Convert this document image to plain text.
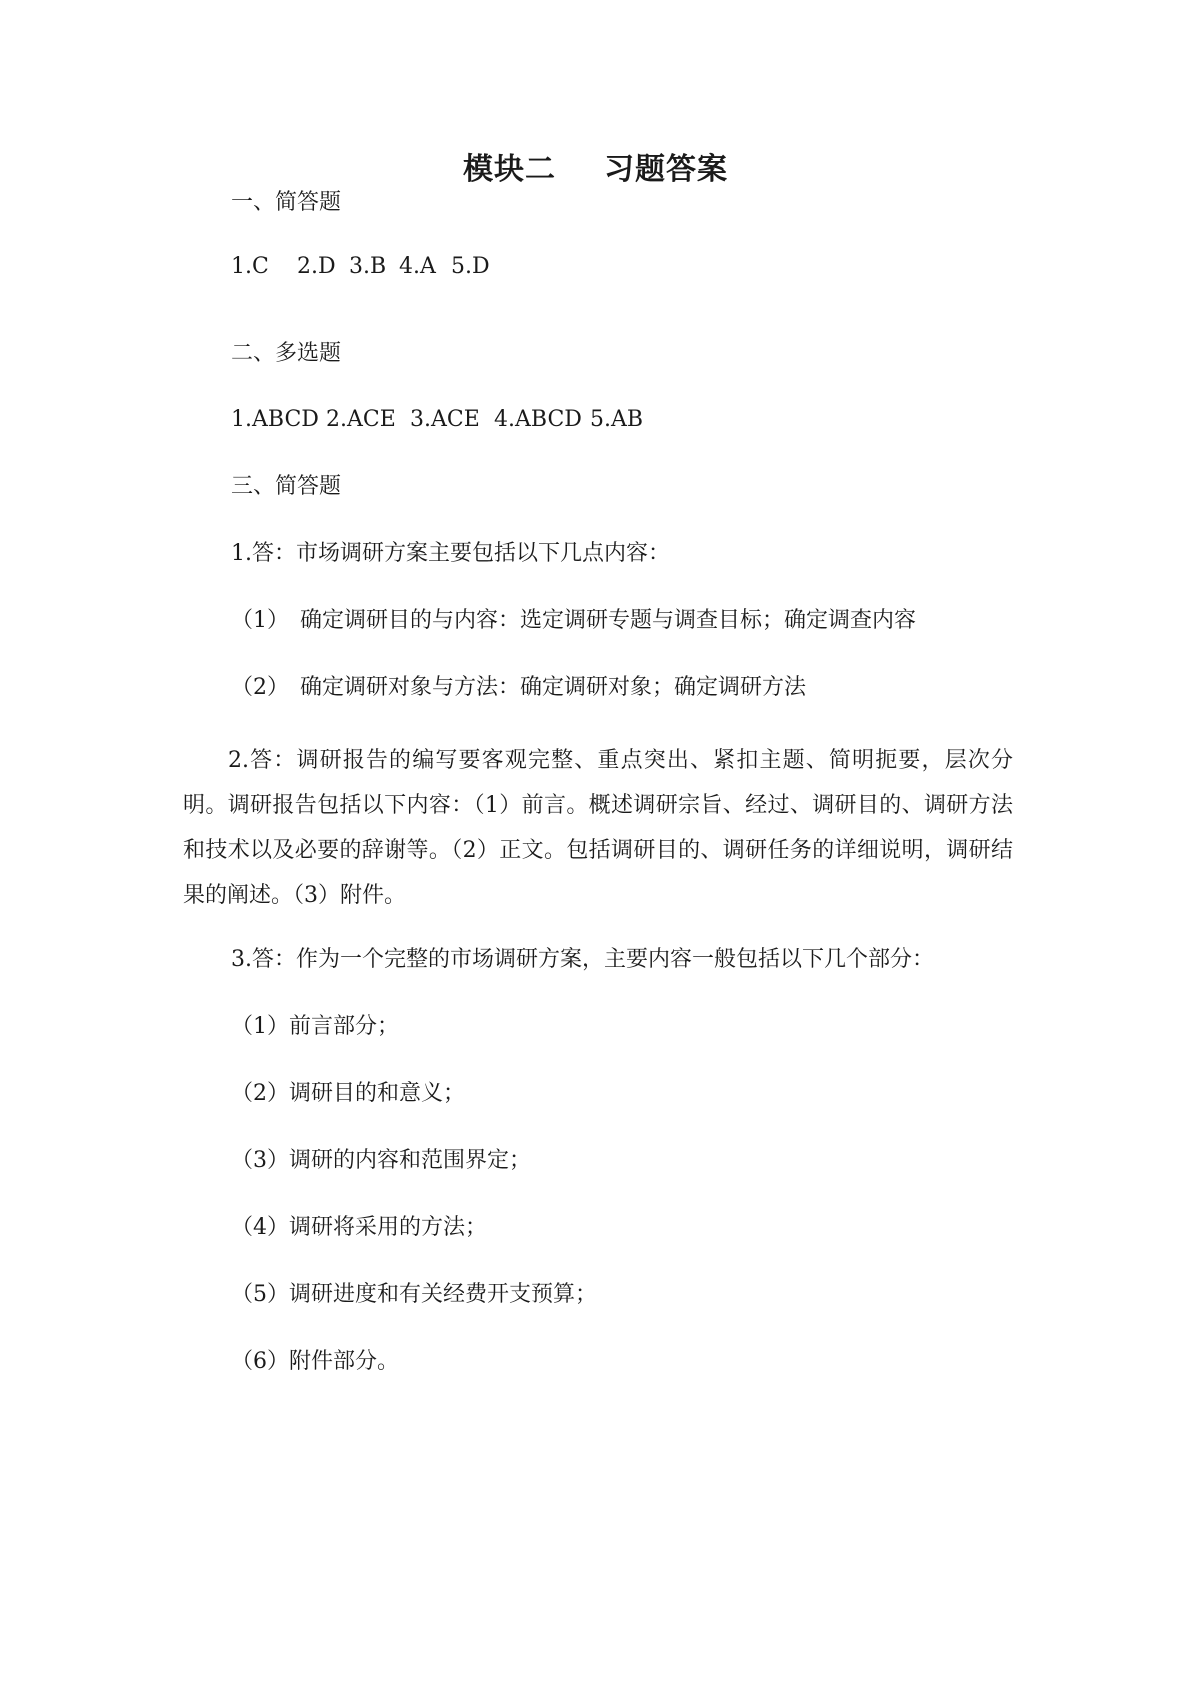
模块二 习题答案
一、简答题
1.C 2.D 3.B 4.A 5.D
二、多选题
1.ABCD 2.ACE 3.ACE 4.ABCD 5.AB
三、简答题
1.答：市场调研方案主要包括以下几点内容：
（1）　确定调研目的与内容：选定调研专题与调查目标；确定调查内容
（2）　确定调研对象与方法：确定调研对象；确定调研方法
2.答：调研报告的编写要客观完整、重点突出、紧扣主题、简明扼要，层次分明。调研报告包括以下内容：（1）前言。概述调研宗旨、经过、调研目的、调研方法和技术以及必要的辞谢等。（2）正文。包括调研目的、调研任务的详细说明，调研结果的阐述。（3）附件。
3.答：作为一个完整的市场调研方案，主要内容一般包括以下几个部分：
（1）前言部分；
（2）调研目的和意义；
（3）调研的内容和范围界定；
（4）调研将采用的方法；
（5）调研进度和有关经费开支预算；
（6）附件部分。
